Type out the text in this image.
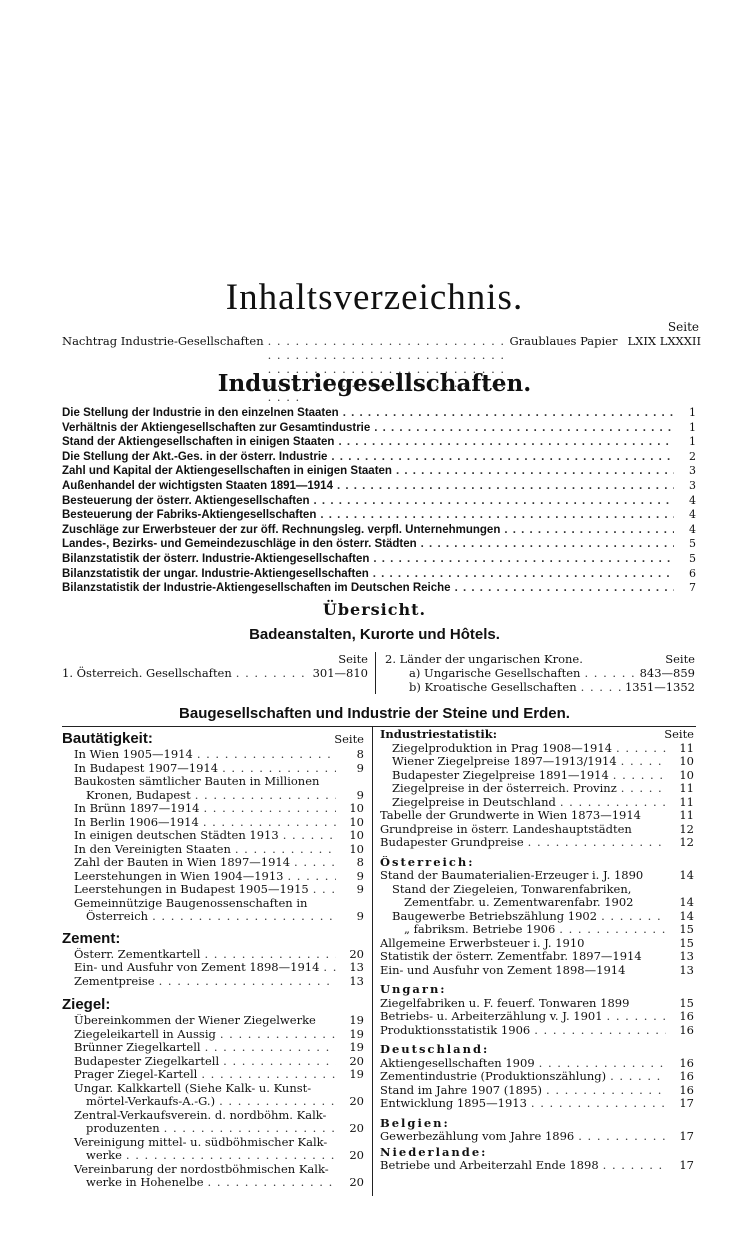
Inhaltsverzeichnis.
Seite
Nachtrag Industrie-Gesellschaften . . .	Graublaues Papier LXIX LXXXII
Industriegesellschaften.
Die Stellung der Industrie in den einzelnen Staaten . . .	1
Verhältnis der Aktiengesellschaften zur Gesamtindustrie . . .	1
Stand der Aktiengesellschaften in einigen Staaten . . .	1
Die Stellung der Akt.-Ges. in der österr. Industrie . . .	2
Zahl und Kapital der Aktiengesellschaften in einigen Staaten . . .	3
Außenhandel der wichtigsten Staaten 1891—1914 . . .	3
Besteuerung der österr. Aktiengesellschaften . . .	4
Besteuerung der Fabriks-Aktiengesellschaften . . .	4
Zuschläge zur Erwerbsteuer der zur öff. Rechnungsleg. verpfl. Unternehmungen . . .	4
Landes-, Bezirks- und Gemeindezuschläge in den österr. Städten . . .	5
Bilanzstatistik der österr. Industrie-Aktiengesellschaften . . .	5
Bilanzstatistik der ungar. Industrie-Aktiengesellschaften . . .	6
Bilanzstatistik der Industrie-Aktiengesellschaften im Deutschen Reiche . . .	7
Übersicht.
Badeanstalten, Kurorte und Hôtels.
Seite
1. Österreich. Gesellschaften . . .	301—810
2. Länder der ungarischen Krone.	Seite
a) Ungarische Gesellschaften . . .	843—859
b) Kroatische Gesellschaften . . .	1351—1352
Baugesellschaften und Industrie der Steine und Erden.
Bautätigkeit:	Seite
In Wien 1905—1914 . . .	8
In Budapest 1907—1914 . . .	9
Baukosten sämtlicher Bauten in Millionen
Kronen, Budapest . . .	9
In Brünn 1897—1914 . . .	10
In Berlin 1906—1914 . . .	10
In einigen deutschen Städten 1913 . . .	10
In den Vereinigten Staaten . . .	10
Zahl der Bauten in Wien 1897—1914 . . .	8
Leerstehungen in Wien 1904—1913 . . .	9
Leerstehungen in Budapest 1905—1915 . . .	9
Gemeinnützige Baugenossenschaften in
Österreich . . .	9
Zement:
Österr. Zementkartell . . .	20
Ein- und Ausfuhr von Zement 1898—1914 . . .	13
Zementpreise . . .	13
Ziegel:
Übereinkommen der Wiener Ziegelwerke	19
Ziegeleikartell in Aussig . . .	19
Brünner Ziegelkartell . . .	19
Budapester Ziegelkartell . . .	20
Prager Ziegel-Kartell . . .	19
Ungar. Kalkkartell (Siehe Kalk- u. Kunst-
mörtel-Verkaufs-A.-G.) . . .	20
Zentral-Verkaufsverein. d. nordböhm. Kalk-
produzenten . . .	20
Vereinigung mittel- u. südböhmischer Kalk-
werke . . .	20
Vereinbarung der nordostböhmischen Kalk-
werke in Hohenelbe . . .	20
Industriestatistik:	Seite
Ziegelproduktion in Prag 1908—1914 . . .	11
Wiener Ziegelpreise 1897—1913/1914 . . .	10
Budapester Ziegelpreise 1891—1914 . . .	10
Ziegelpreise in der österreich. Provinz . . .	11
Ziegelpreise in Deutschland . . .	11
Tabelle der Grundwerte in Wien 1873—1914	11
Grundpreise in österr. Landeshauptstädten	12
Budapester Grundpreise . . .	12
Österreich:
Stand der Baumaterialien-Erzeuger i. J. 1890	14
Stand der Ziegeleien, Tonwarenfabriken,
Zementfabr. u. Zementwarenfabr. 1902	14
Baugewerbe Betriebszählung 1902 . . .	14
„ fabriksm. Betriebe 1906 . . .	15
Allgemeine Erwerbsteuer i. J. 1910	15
Statistik der österr. Zementfabr. 1897—1914	13
Ein- und Ausfuhr von Zement 1898—1914	13
Ungarn:
Ziegelfabriken u. F. feuerf. Tonwaren 1899	15
Betriebs- u. Arbeiterzählung v. J. 1901 . . .	16
Produktionsstatistik 1906 . . .	16
Deutschland:
Aktiengesellschaften 1909 . . .	16
Zementindustrie (Produktionszählung) . . .	16
Stand im Jahre 1907 (1895) . . .	16
Entwicklung 1895—1913 . . .	17
Belgien:
Gewerbezählung vom Jahre 1896 . . .	17
Niederlande:
Betriebe und Arbeiterzahl Ende 1898 . . .	17
